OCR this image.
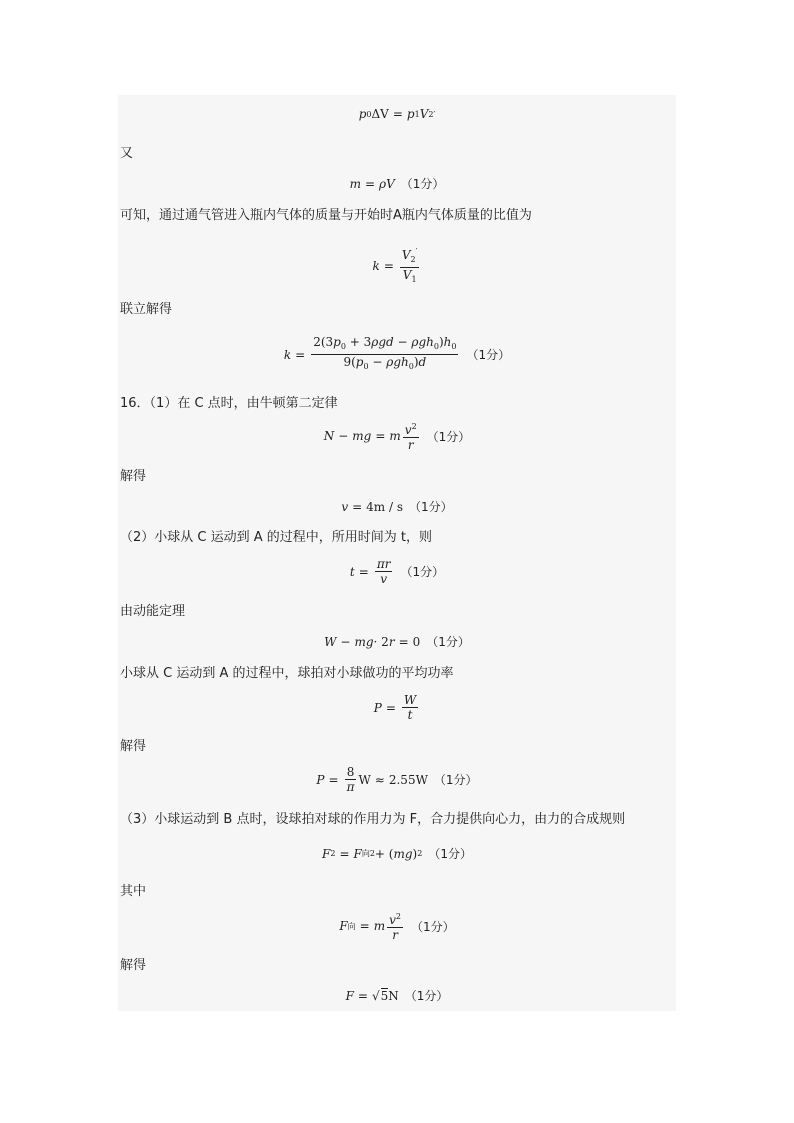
p 0 ΔV = p 1 V 2 ′
又
m = ρV （1分）
可知，通过通气管进入瓶内气体的质量与开始时A瓶内气体质量的比值为
$k = \frac{V_2'}{V_1}$
联立解得
$k = \frac{2(3p_0 + 3\rho gd - \rho gh_0)h_0}{9(p_0 - \rho gh_0)d} (1$分）
16．（1）在 C 点时，由牛顿第二定律
N − mg = m $\frac{v^2}{r} (1$分）
解得
v = 4m / s （1分）
（2）小球从 C 运动到 A 的过程中，所用时间为 t，则
$t = \frac{\pi r}{v} (1$分）
由动能定理
W − mg · 2 r = 0 （1分）
小球从 C 运动到 A 的过程中，球拍对小球做功的平均功率
$P = \frac{W}{t}$
解得
$P = \frac{8}{\pi}$ W ≈ 2.55W （1分）
（3）小球运动到 B 点时，设球拍对球的作用力为 F，合力提供向心力，由力的合成规则
F 2 = F 向 2 + ( mg ) 2 （1分）
其中
F 向 = m $\frac{v^2}{r} (1$分）
解得
F = √ 5 N （1分）
